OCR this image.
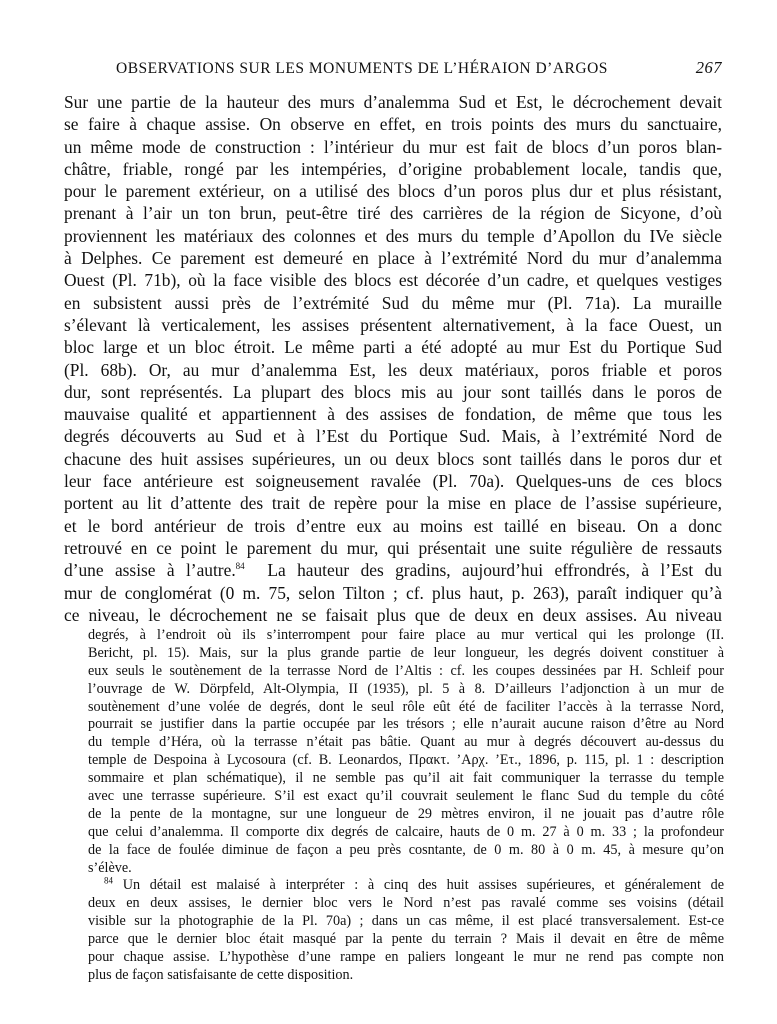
OBSERVATIONS SUR LES MONUMENTS DE L’HÉRAION D’ARGOS	267
Sur une partie de la hauteur des murs d’analemma Sud et Est, le décrochement devait
se faire à chaque assise. On observe en effet, en trois points des murs du sanctuaire,
un même mode de construction : l’intérieur du mur est fait de blocs d’un poros blan-
châtre, friable, rongé par les intempéries, d’origine probablement locale, tandis que,
pour le parement extérieur, on a utilisé des blocs d’un poros plus dur et plus résistant,
prenant à l’air un ton brun, peut-être tiré des carrières de la région de Sicyone, d’où
proviennent les matériaux des colonnes et des murs du temple d’Apollon du IVe siècle
à Delphes. Ce parement est demeuré en place à l’extrémité Nord du mur d’analemma
Ouest (Pl. 71b), où la face visible des blocs est décorée d’un cadre, et quelques vestiges
en subsistent aussi près de l’extrémité Sud du même mur (Pl. 71a). La muraille
s’élevant là verticalement, les assises présentent alternativement, à la face Ouest, un
bloc large et un bloc étroit. Le même parti a été adopté au mur Est du Portique Sud
(Pl. 68b). Or, au mur d’analemma Est, les deux matériaux, poros friable et poros
dur, sont représentés. La plupart des blocs mis au jour sont taillés dans le poros de
mauvaise qualité et appartiennent à des assises de fondation, de même que tous les
degrés découverts au Sud et à l’Est du Portique Sud. Mais, à l’extrémité Nord de
chacune des huit assises supérieures, un ou deux blocs sont taillés dans le poros dur et
leur face antérieure est soigneusement ravalée (Pl. 70a). Quelques-uns de ces blocs
portent au lit d’attente des trait de repère pour la mise en place de l’assise supérieure,
et le bord antérieur de trois d’entre eux au moins est taillé en biseau. On a donc
retrouvé en ce point le parement du mur, qui présentait une suite régulière de ressauts
d’une assise à l’autre.$^{84}$ La hauteur des gradins, aujourd’hui effrondrés, à l’Est du
mur de conglomérat (0 m. 75, selon Tilton ; cf. plus haut, p. 263), paraît indiquer qu’à
ce niveau, le décrochement ne se faisait plus que de deux en deux assises. Au niveau
degrés, à l’endroit où ils s’interrompent pour faire place au mur vertical qui les prolonge (II.
Bericht, pl. 15). Mais, sur la plus grande partie de leur longueur, les degrés doivent constituer à
eux seuls le soutènement de la terrasse Nord de l’Altis : cf. les coupes dessinées par H. Schleif pour
l’ouvrage de W. Dörpfeld, Alt-Olympia, II (1935), pl. 5 à 8. D’ailleurs l’adjonction à un mur de
soutènement d’une volée de degrés, dont le seul rôle eût été de faciliter l’accès à la terrasse Nord,
pourrait se justifier dans la partie occupée par les trésors ; elle n’aurait aucune raison d’être au Nord
du temple d’Héra, où la terrasse n’était pas bâtie. Quant au mur à degrés découvert au-dessus du
temple de Despoina à Lycosoura (cf. B. Leonardos, Πρακτ. ’Αρχ. ’Ετ., 1896, p. 115, pl. 1 : description
sommaire et plan schématique), il ne semble pas qu’il ait fait communiquer la terrasse du temple
avec une terrasse supérieure. S’il est exact qu’il couvrait seulement le flanc Sud du temple du côté
de la pente de la montagne, sur une longueur de 29 mètres environ, il ne jouait pas d’autre rôle
que celui d’analemma. Il comporte dix degrés de calcaire, hauts de 0 m. 27 à 0 m. 33 ; la profondeur
de la face de foulée diminue de façon a peu près cosntante, de 0 m. 80 à 0 m. 45, à mesure qu’on
s’élève.
$^{84}$ Un détail est malaisé à interpréter : à cinq des huit assises supérieures, et généralement de
deux en deux assises, le dernier bloc vers le Nord n’est pas ravalé comme ses voisins (détail
visible sur la photographie de la Pl. 70a) ; dans un cas même, il est placé transversalement. Est-ce
parce que le dernier bloc était masqué par la pente du terrain ? Mais il devait en être de même
pour chaque assise. L’hypothèse d’une rampe en paliers longeant le mur ne rend pas compte non
plus de façon satisfaisante de cette disposition.
